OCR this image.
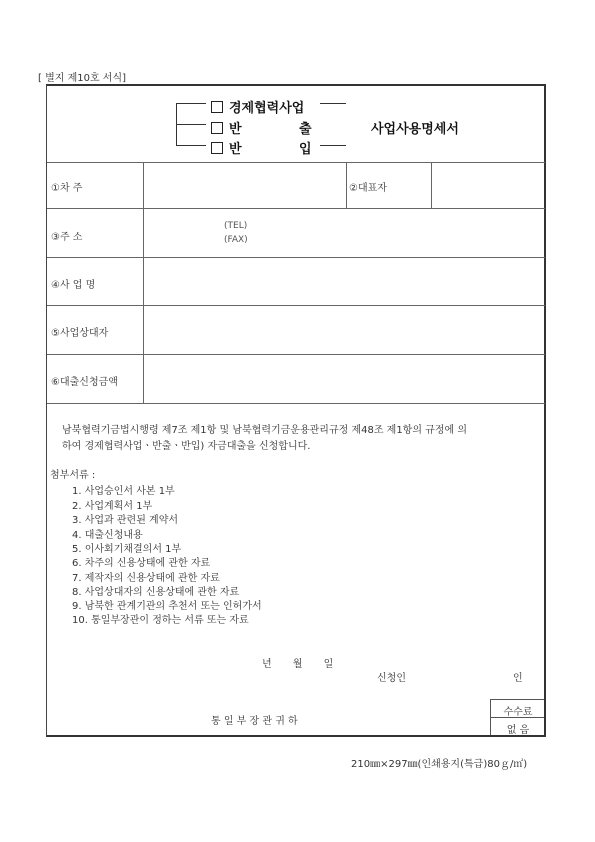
[ 별지 제10호 서식]
경제협력사업
반	출
반	입
사업사용명세서
①차 주	②대표자
③주 소
(TEL)
(FAX)
④사 업 명
⑤사업상대자
⑥대출신청금액
남북협력기금법시행령 제7조 제1항 및 남북협력기금운용관리규정 제48조 제1항의 규정에 의
하여 경제협력사업ㆍ반출ㆍ반입) 자금대출을 신청합니다.
첨부서류 :
1. 사업승인서 사본 1부
2. 사업계획서 1부
3. 사업과 관련된 계약서
4. 대출신청내용
5. 이사회기채결의서 1부
6. 차주의 신용상태에 관한 자료
7. 제작자의 신용상태에 관한 자료
8. 사업상대자의 신용상태에 관한 자료
9. 남북한 관계기관의 추천서 또는 인허가서
10. 통일부장관이 정하는 서류 또는 자료
년 월 일
신청인	인
통 일 부 장 관 귀 하
수수료
없 음
210㎜×297㎜(인쇄용지(특급)80ｇ/㎡)
